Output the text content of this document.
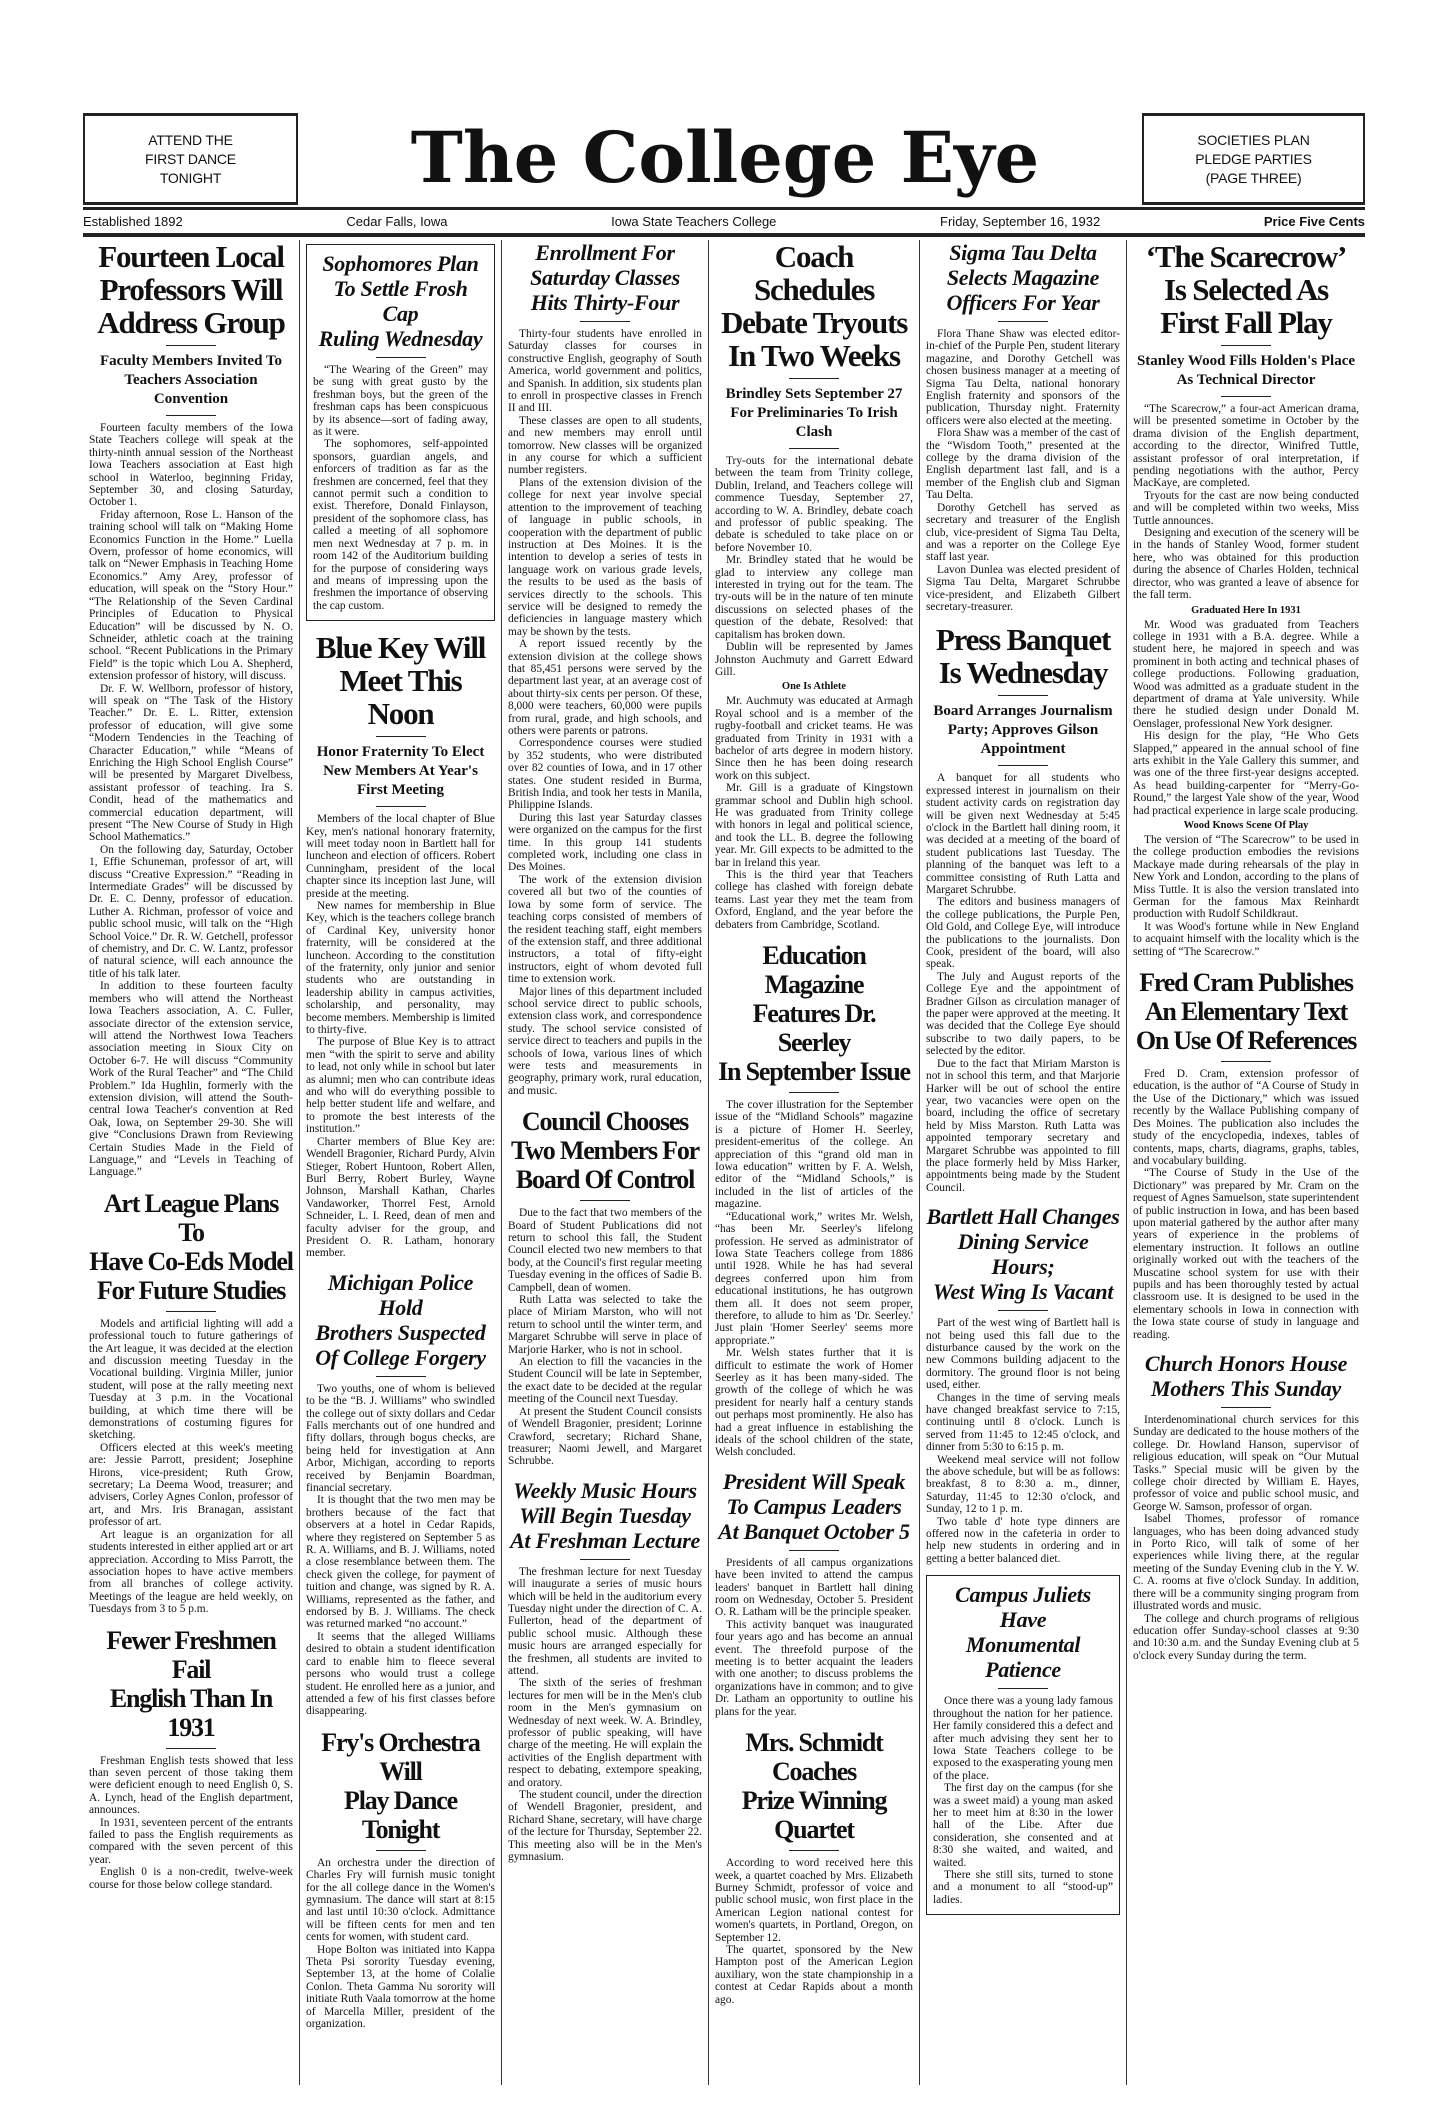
ATTEND THE
FIRST DANCE
TONIGHT	The College Eye	SOCIETIES PLAN
PLEDGE PARTIES
(PAGE THREE)
Established 1892	Cedar Falls, Iowa	Iowa State Teachers College	Friday, September 16, 1932	Price Five Cents
Fourteen Local
Professors Will
Address Group
Faculty Members Invited To Teachers Association Convention

Fourteen faculty members of the Iowa State Teachers college will speak at the thirty-ninth annual session of the Northeast Iowa Teachers association at East high school in Waterloo, beginning Friday, September 30, and closing Saturday, October 1.

Friday afternoon, Rose L. Hanson of the training school will talk on “Making Home Economics Function in the Home.” Luella Overn, professor of home economics, will talk on “Newer Emphasis in Teaching Home Economics.” Amy Arey, professor of education, will speak on the “Story Hour.” “The Relationship of the Seven Cardinal Principles of Education to Physical Education” will be discussed by N. O. Schneider, athletic coach at the training school. “Recent Publications in the Primary Field” is the topic which Lou A. Shepherd, extension professor of history, will discuss.

Dr. F. W. Wellborn, professor of history, will speak on “The Task of the History Teacher.” Dr. E. L. Ritter, extension professor of education, will give some “Modern Tendencies in the Teaching of Character Education,” while “Means of Enriching the High School English Course” will be presented by Margaret Divelbess, assistant professor of teaching. Ira S. Condit, head of the mathematics and commercial education department, will present “The New Course of Study in High School Mathematics.”

On the following day, Saturday, October 1, Effie Schuneman, professor of art, will discuss “Creative Expression.” “Reading in Intermediate Grades” will be discussed by Dr. E. C. Denny, professor of education. Luther A. Richman, professor of voice and public school music, will talk on the “High School Voice.” Dr. R. W. Getchell, professor of chemistry, and Dr. C. W. Lantz, professor of natural science, will each announce the title of his talk later.

In addition to these fourteen faculty members who will attend the Northeast Iowa Teachers association, A. C. Fuller, associate director of the extension service, will attend the Northwest Iowa Teachers association meeting in Sioux City on October 6-7. He will discuss “Community Work of the Rural Teacher” and “The Child Problem.” Ida Hughlin, formerly with the extension division, will attend the South-central Iowa Teacher's convention at Red Oak, Iowa, on September 29-30. She will give “Conclusions Drawn from Reviewing Certain Studies Made in the Field of Language,” and “Levels in Teaching of Language.”

Art League Plans To
Have Co-Eds Model
For Future Studies

Models and artificial lighting will add a professional touch to future gatherings of the Art league, it was decided at the election and discussion meeting Tuesday in the Vocational building. Virginia Miller, junior student, will pose at the rally meeting next Tuesday at 3 p.m. in the Vocational building, at which time there will be demonstrations of costuming figures for sketching.

Officers elected at this week's meeting are: Jessie Parrott, president; Josephine Hirons, vice-president; Ruth Grow, secretary; La Deema Wood, treasurer; and advisers, Corley Agnes Conlon, professor of art, and Mrs. Iris Branagan, assistant professor of art.

Art league is an organization for all students interested in either applied art or art appreciation. According to Miss Parrott, the association hopes to have active members from all branches of college activity. Meetings of the league are held weekly, on Tuesdays from 3 to 5 p.m.

Fewer Freshmen Fail
English Than In 1931

Freshman English tests showed that less than seven percent of those taking them were deficient enough to need English 0, S. A. Lynch, head of the English department, announces.

In 1931, seventeen percent of the entrants failed to pass the English requirements as compared with the seven percent of this year.

English 0 is a non-credit, twelve-week course for those below college standard.

Sophomores Plan
To Settle Frosh Cap
Ruling Wednesday

“The Wearing of the Green” may be sung with great gusto by the freshman boys, but the green of the freshman caps has been conspicuous by its absence—sort of fading away, as it were.

The sophomores, self-appointed sponsors, guardian angels, and enforcers of tradition as far as the freshmen are concerned, feel that they cannot permit such a condition to exist. Therefore, Donald Finlayson, president of the sophomore class, has called a meeting of all sophomore men next Wednesday at 7 p. m. in room 142 of the Auditorium building for the purpose of considering ways and means of impressing upon the freshmen the importance of observing the cap custom.

Blue Key Will
Meet This Noon
Honor Fraternity To Elect New Members At Year's First Meeting

Members of the local chapter of Blue Key, men's national honorary fraternity, will meet today noon in Bartlett hall for luncheon and election of officers. Robert Cunningham, president of the local chapter since its inception last June, will preside at the meeting.

New names for membership in Blue Key, which is the teachers college branch of Cardinal Key, university honor fraternity, will be considered at the luncheon. According to the constitution of the fraternity, only junior and senior students who are outstanding in leadership ability in campus activities, scholarship, and personality, may become members. Membership is limited to thirty-five.

The purpose of Blue Key is to attract men “with the spirit to serve and ability to lead, not only while in school but later as alumni; men who can contribute ideas and who will do everything possible to help better student life and welfare, and to promote the best interests of the institution.”

Charter members of Blue Key are: Wendell Bragonier, Richard Purdy, Alvin Stieger, Robert Huntoon, Robert Allen, Burl Berry, Robert Burley, Wayne Johnson, Marshall Kathan, Charles Vandaworker, Thorrel Fest, Arnold Schneider, L. I. Reed, dean of men and faculty adviser for the group, and President O. R. Latham, honorary member.

Michigan Police Hold
Brothers Suspected
Of College Forgery

Two youths, one of whom is believed to be the “B. J. Williams” who swindled the college out of sixty dollars and Cedar Falls merchants out of one hundred and fifty dollars, through bogus checks, are being held for investigation at Ann Arbor, Michigan, according to reports received by Benjamin Boardman, financial secretary.

It is thought that the two men may be brothers because of the fact that observers at a hotel in Cedar Rapids, where they registered on September 5 as R. A. Williams, and B. J. Williams, noted a close resemblance between them. The check given the college, for payment of tuition and change, was signed by R. A. Williams, represented as the father, and endorsed by B. J. Williams. The check was returned marked “no account.”

It seems that the alleged Williams desired to obtain a student identification card to enable him to fleece several persons who would trust a college student. He enrolled here as a junior, and attended a few of his first classes before disappearing.

Fry's Orchestra Will
Play Dance Tonight

An orchestra under the direction of Charles Fry will furnish music tonight for the all college dance in the Women's gymnasium. The dance will start at 8:15 and last until 10:30 o'clock. Admittance will be fifteen cents for men and ten cents for women, with student card.

Hope Bolton was initiated into Kappa Theta Psi sorority Tuesday evening, September 13, at the home of Colalie Conlon. Theta Gamma Nu sorority will initiate Ruth Vaala tomorrow at the home of Marcella Miller, president of the organization.

Enrollment For
Saturday Classes
Hits Thirty-Four

Thirty-four students have enrolled in Saturday classes for courses in constructive English, geography of South America, world government and politics, and Spanish. In addition, six students plan to enroll in prospective classes in French II and III.

These classes are open to all students, and new members may enroll until tomorrow. New classes will be organized in any course for which a sufficient number registers.

Plans of the extension division of the college for next year involve special attention to the improvement of teaching of language in public schools, in cooperation with the department of public instruction at Des Moines. It is the intention to develop a series of tests in language work on various grade levels, the results to be used as the basis of services directly to the schools. This service will be designed to remedy the deficiencies in language mastery which may be shown by the tests.

A report issued recently by the extension division at the college shows that 85,451 persons were served by the department last year, at an average cost of about thirty-six cents per person. Of these, 8,000 were teachers, 60,000 were pupils from rural, grade, and high schools, and others were parents or patrons.

Correspondence courses were studied by 352 students, who were distributed over 82 counties of Iowa, and in 17 other states. One student resided in Burma, British India, and took her tests in Manila, Philippine Islands.

During this last year Saturday classes were organized on the campus for the first time. In this group 141 students completed work, including one class in Des Moines.

The work of the extension division covered all but two of the counties of Iowa by some form of service. The teaching corps consisted of members of the resident teaching staff, eight members of the extension staff, and three additional instructors, a total of fifty-eight instructors, eight of whom devoted full time to extension work.

Major lines of this department included school service direct to public schools, extension class work, and correspondence study. The school service consisted of service direct to teachers and pupils in the schools of Iowa, various lines of which were tests and measurements in geography, primary work, rural education, and music.

Council Chooses
Two Members For
Board Of Control

Due to the fact that two members of the Board of Student Publications did not return to school this fall, the Student Council elected two new members to that body, at the Council's first regular meeting Tuesday evening in the offices of Sadie B. Campbell, dean of women.

Ruth Latta was selected to take the place of Miriam Marston, who will not return to school until the winter term, and Margaret Schrubbe will serve in place of Marjorie Harker, who is not in school.

An election to fill the vacancies in the Student Council will be late in September, the exact date to be decided at the regular meeting of the Council next Tuesday.

At present the Student Council consists of Wendell Bragonier, president; Lorinne Crawford, secretary; Richard Shane, treasurer; Naomi Jewell, and Margaret Schrubbe.

Weekly Music Hours
Will Begin Tuesday
At Freshman Lecture

The freshman lecture for next Tuesday will inaugurate a series of music hours which will be held in the auditorium every Tuesday night under the direction of C. A. Fullerton, head of the department of public school music. Although these music hours are arranged especially for the freshmen, all students are invited to attend.

The sixth of the series of freshman lectures for men will be in the Men's club room in the Men's gymnasium on Wednesday of next week. W. A. Brindley, professor of public speaking, will have charge of the meeting. He will explain the activities of the English department with respect to debating, extempore speaking, and oratory.

The student council, under the direction of Wendell Bragonier, president, and Richard Shane, secretary, will have charge of the lecture for Thursday, September 22. This meeting also will be in the Men's gymnasium.

Coach Schedules
Debate Tryouts
In Two Weeks
Brindley Sets September 27 For Preliminaries To Irish Clash

Try-outs for the international debate between the team from Trinity college, Dublin, Ireland, and Teachers college will commence Tuesday, September 27, according to W. A. Brindley, debate coach and professor of public speaking. The debate is scheduled to take place on or before November 10.

Mr. Brindley stated that he would be glad to interview any college man interested in trying out for the team. The try-outs will be in the nature of ten minute discussions on selected phases of the question of the debate, Resolved: that capitalism has broken down.

Dublin will be represented by James Johnston Auchmuty and Garrett Edward Gill.

One Is Athlete

Mr. Auchmuty was educated at Armagh Royal school and is a member of the rugby-football and cricket teams. He was graduated from Trinity in 1931 with a bachelor of arts degree in modern history. Since then he has been doing research work on this subject.

Mr. Gill is a graduate of Kingstown grammar school and Dublin high school. He was graduated from Trinity college with honors in legal and political science, and took the LL. B. degree the following year. Mr. Gill expects to be admitted to the bar in Ireland this year.

This is the third year that Teachers college has clashed with foreign debate teams. Last year they met the team from Oxford, England, and the year before the debaters from Cambridge, Scotland.

Education Magazine
Features Dr. Seerley
In September Issue

The cover illustration for the September issue of the “Midland Schools” magazine is a picture of Homer H. Seerley, president-emeritus of the college. An appreciation of this “grand old man in Iowa education” written by F. A. Welsh, editor of the “Midland Schools,” is included in the list of articles of the magazine.

“Educational work,” writes Mr. Welsh, “has been Mr. Seerley's lifelong profession. He served as administrator of Iowa State Teachers college from 1886 until 1928. While he has had several degrees conferred upon him from educational institutions, he has outgrown them all. It does not seem proper, therefore, to allude to him as 'Dr. Seerley.' Just plain 'Homer Seerley' seems more appropriate.”

Mr. Welsh states further that it is difficult to estimate the work of Homer Seerley as it has been many-sided. The growth of the college of which he was president for nearly half a century stands out perhaps most prominently. He also has had a great influence in establishing the ideals of the school children of the state, Welsh concluded.

President Will Speak
To Campus Leaders
At Banquet October 5

Presidents of all campus organizations have been invited to attend the campus leaders' banquet in Bartlett hall dining room on Wednesday, October 5. President O. R. Latham will be the principle speaker.

This activity banquet was inaugurated four years ago and has become an annual event. The threefold purpose of the meeting is to better acquaint the leaders with one another; to discuss problems the organizations have in common; and to give Dr. Latham an opportunity to outline his plans for the year.

Mrs. Schmidt Coaches
Prize Winning Quartet

According to word received here this week, a quartet coached by Mrs. Elizabeth Burney Schmidt, professor of voice and public school music, won first place in the American Legion national contest for women's quartets, in Portland, Oregon, on September 12.

The quartet, sponsored by the New Hampton post of the American Legion auxiliary, won the state championship in a contest at Cedar Rapids about a month ago.

Sigma Tau Delta
Selects Magazine
Officers For Year

Flora Thane Shaw was elected editor-in-chief of the Purple Pen, student literary magazine, and Dorothy Getchell was chosen business manager at a meeting of Sigma Tau Delta, national honorary English fraternity and sponsors of the publication, Thursday night. Fraternity officers were also elected at the meeting.

Flora Shaw was a member of the cast of the “Wisdom Tooth,” presented at the college by the drama division of the English department last fall, and is a member of the English club and Sigman Tau Delta.

Dorothy Getchell has served as secretary and treasurer of the English club, vice-president of Sigma Tau Delta, and was a reporter on the College Eye staff last year.

Lavon Dunlea was elected president of Sigma Tau Delta, Margaret Schrubbe vice-president, and Elizabeth Gilbert secretary-treasurer.

Press Banquet
Is Wednesday
Board Arranges Journalism Party; Approves Gilson Appointment

A banquet for all students who expressed interest in journalism on their student activity cards on registration day will be given next Wednesday at 5:45 o'clock in the Bartlett hall dining room, it was decided at a meeting of the board of student publications last Tuesday. The planning of the banquet was left to a committee consisting of Ruth Latta and Margaret Schrubbe.

The editors and business managers of the college publications, the Purple Pen, Old Gold, and College Eye, will introduce the publications to the journalists. Don Cook, president of the board, will also speak.

The July and August reports of the College Eye and the appointment of Bradner Gilson as circulation manager of the paper were approved at the meeting. It was decided that the College Eye should subscribe to two daily papers, to be selected by the editor.

Due to the fact that Miriam Marston is not in school this term, and that Marjorie Harker will be out of school the entire year, two vacancies were open on the board, including the office of secretary held by Miss Marston. Ruth Latta was appointed temporary secretary and Margaret Schrubbe was appointed to fill the place formerly held by Miss Harker, appointments being made by the Student Council.

Bartlett Hall Changes
Dining Service Hours;
West Wing Is Vacant

Part of the west wing of Bartlett hall is not being used this fall due to the disturbance caused by the work on the new Commons building adjacent to the dormitory. The ground floor is not being used, either.

Changes in the time of serving meals have changed breakfast service to 7:15, continuing until 8 o'clock. Lunch is served from 11:45 to 12:45 o'clock, and dinner from 5:30 to 6:15 p. m.

Weekend meal service will not follow the above schedule, but will be as follows: breakfast, 8 to 8:30 a. m., dinner, Saturday, 11:45 to 12:30 o'clock, and Sunday, 12 to 1 p. m.

Two table d' hote type dinners are offered now in the cafeteria in order to help new students in ordering and in getting a better balanced diet.

Campus Juliets Have
Monumental Patience

Once there was a young lady famous throughout the nation for her patience. Her family considered this a defect and after much advising they sent her to Iowa State Teachers college to be exposed to the exasperating young men of the place.

The first day on the campus (for she was a sweet maid) a young man asked her to meet him at 8:30 in the lower hall of the Libe. After due consideration, she consented and at 8:30 she waited, and waited, and waited.

There she still sits, turned to stone and a monument to all “stood-up” ladies.

‘The Scarecrow’
Is Selected As
First Fall Play
Stanley Wood Fills Holden's Place As Technical Director

“The Scarecrow,” a four-act American drama, will be presented sometime in October by the drama division of the English department, according to the director, Winifred Tuttle, assistant professor of oral interpretation, if pending negotiations with the author, Percy MacKaye, are completed.

Tryouts for the cast are now being conducted and will be completed within two weeks, Miss Tuttle announces.

Designing and execution of the scenery will be in the hands of Stanley Wood, former student here, who was obtained for this production during the absence of Charles Holden, technical director, who was granted a leave of absence for the fall term.

Graduated Here In 1931

Mr. Wood was graduated from Teachers college in 1931 with a B.A. degree. While a student here, he majored in speech and was prominent in both acting and technical phases of college productions. Following graduation, Wood was admitted as a graduate student in the department of drama at Yale university. While there he studied design under Donald M. Oenslager, professional New York designer.

His design for the play, “He Who Gets Slapped,” appeared in the annual school of fine arts exhibit in the Yale Gallery this summer, and was one of the three first-year designs accepted. As head building-carpenter for “Merry-Go-Round,” the largest Yale show of the year, Wood had practical experience in large scale producing.

Wood Knows Scene Of Play

The version of “The Scarecrow” to be used in the college production embodies the revisions Mackaye made during rehearsals of the play in New York and London, according to the plans of Miss Tuttle. It is also the version translated into German for the famous Max Reinhardt production with Rudolf Schildkraut.

It was Wood's fortune while in New England to acquaint himself with the locality which is the setting of “The Scarecrow.”

Fred Cram Publishes
An Elementary Text
On Use Of References

Fred D. Cram, extension professor of education, is the author of “A Course of Study in the Use of the Dictionary,” which was issued recently by the Wallace Publishing company of Des Moines. The publication also includes the study of the encyclopedia, indexes, tables of contents, maps, charts, diagrams, graphs, tables, and vocabulary building.

“The Course of Study in the Use of the Dictionary” was prepared by Mr. Cram on the request of Agnes Samuelson, state superintendent of public instruction in Iowa, and has been based upon material gathered by the author after many years of experience in the problems of elementary instruction. It follows an outline originally worked out with the teachers of the Muscatine school system for use with their pupils and has been thoroughly tested by actual classroom use. It is designed to be used in the elementary schools in Iowa in connection with the Iowa state course of study in language and reading.

Church Honors House
Mothers This Sunday

Interdenominational church services for this Sunday are dedicated to the house mothers of the college. Dr. Howland Hanson, supervisor of religious education, will speak on “Our Mutual Tasks.” Special music will be given by the college choir directed by William E. Hayes, professor of voice and public school music, and George W. Samson, professor of organ.

Isabel Thomes, professor of romance languages, who has been doing advanced study in Porto Rico, will talk of some of her experiences while living there, at the regular meeting of the Sunday Evening club in the Y. W. C. A. rooms at five o'clock Sunday. In addition, there will be a community singing program from illustrated words and music.

The college and church programs of religious education offer Sunday-school classes at 9:30 and 10:30 a.m. and the Sunday Evening club at 5 o'clock every Sunday during the term.
